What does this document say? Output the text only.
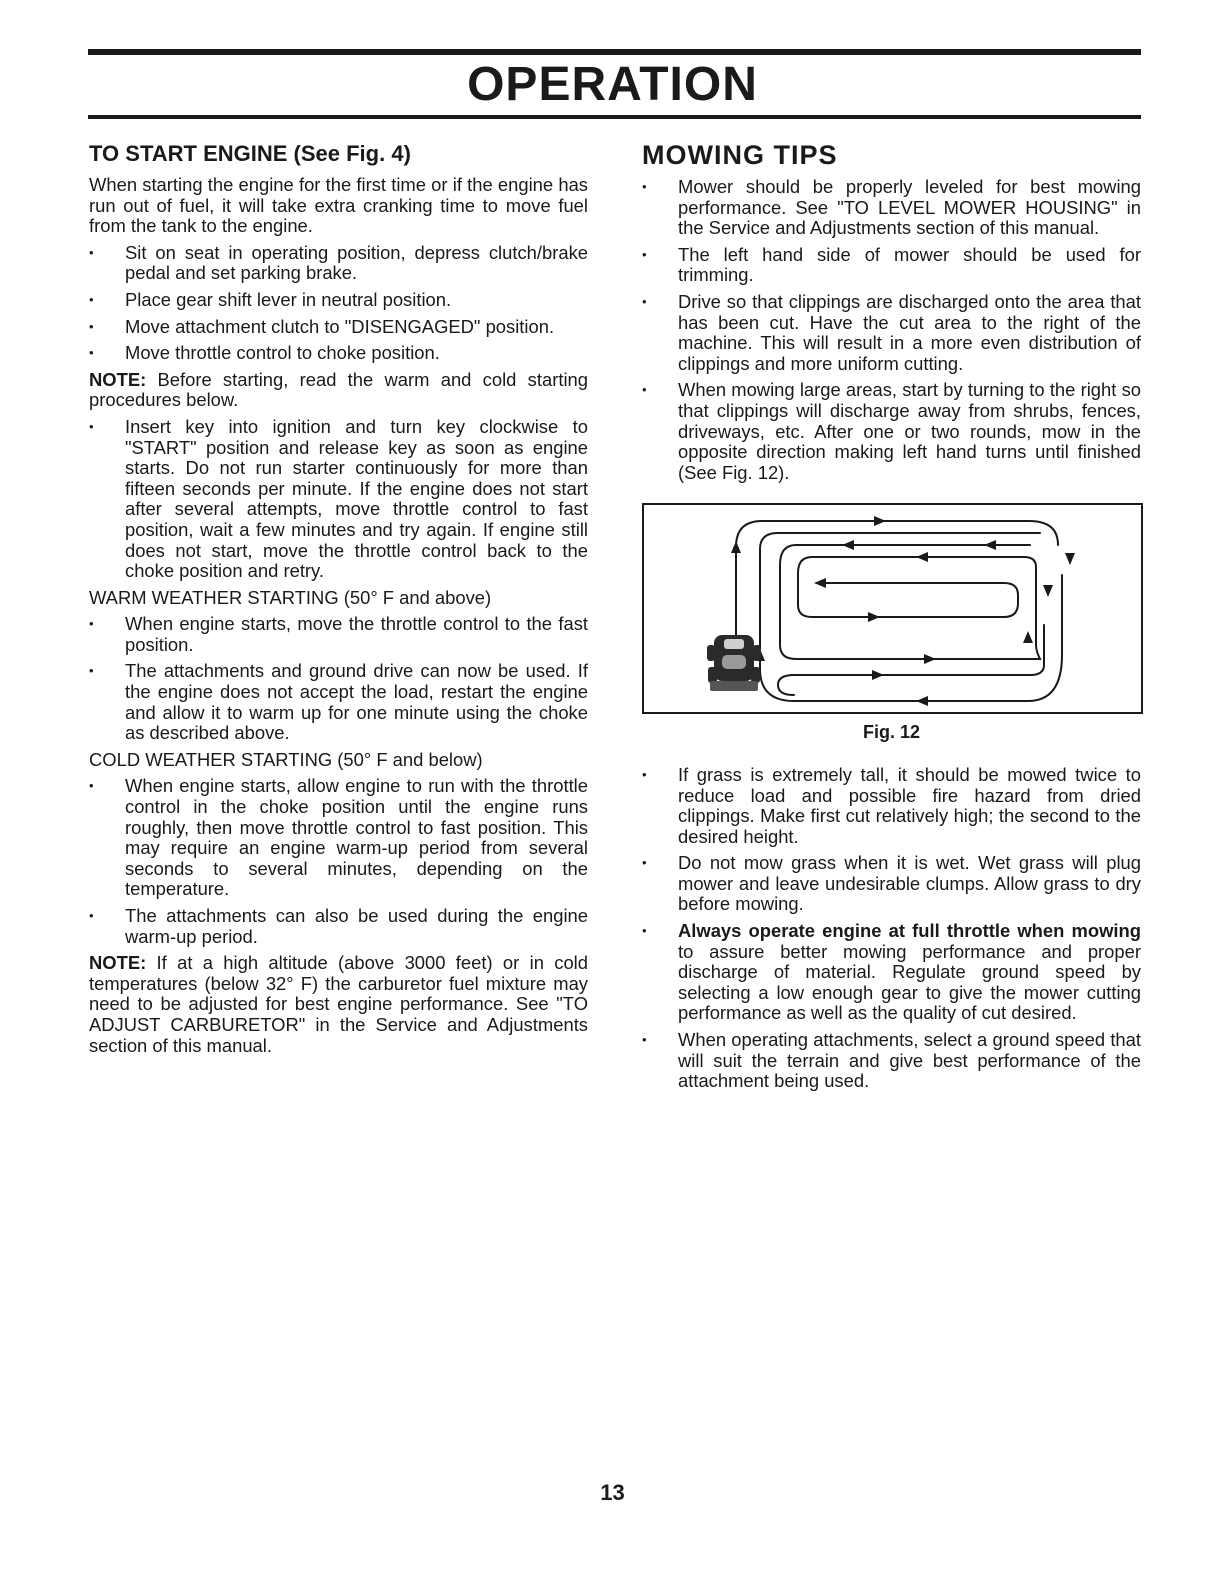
OPERATION
TO START ENGINE (See Fig. 4)

When starting the engine for the first time or if the engine has run out of fuel, it will take extra cranking time to move fuel from the tank to the engine.

• Sit on seat in operating position, depress clutch/brake pedal and set parking brake.
• Place gear shift lever in neutral position.
• Move attachment clutch to "DISENGAGED" position.
• Move throttle control to choke position.

NOTE: Before starting, read the warm and cold starting procedures below.

• Insert key into ignition and turn key clockwise to "START" position and release key as soon as engine starts. Do not run starter continuously for more than fifteen seconds per minute. If the engine does not start after several attempts, move throttle control to fast position, wait a few minutes and try again. If engine still does not start, move the throttle control back to the choke position and retry.

WARM WEATHER STARTING (50° F and above)

• When engine starts, move the throttle control to the fast position.
• The attachments and ground drive can now be used. If the engine does not accept the load, restart the engine and allow it to warm up for one minute using the choke as described above.

COLD WEATHER STARTING (50° F and below)

• When engine starts, allow engine to run with the throttle control in the choke position until the engine runs roughly, then move throttle control to fast position. This may require an engine warm-up period from several seconds to several minutes, depending on the temperature.
• The attachments can also be used during the engine warm-up period.

NOTE: If at a high altitude (above 3000 feet) or in cold temperatures (below 32° F) the carburetor fuel mixture may need to be adjusted for best engine performance. See "TO ADJUST CARBURETOR" in the Service and Adjustments section of this manual.

MOWING TIPS
• Mower should be properly leveled for best mowing performance. See "TO LEVEL MOWER HOUSING" in the Service and Adjustments section of this manual.
• The left hand side of mower should be used for trimming.
• Drive so that clippings are discharged onto the area that has been cut. Have the cut area to the right of the machine. This will result in a more even distribution of clippings and more uniform cutting.
• When mowing large areas, start by turning to the right so that clippings will discharge away from shrubs, fences, driveways, etc. After one or two rounds, mow in the opposite direction making left hand turns until finished (See Fig. 12).
Fig. 12
• If grass is extremely tall, it should be mowed twice to reduce load and possible fire hazard from dried clippings. Make first cut relatively high; the second to the desired height.
• Do not mow grass when it is wet. Wet grass will plug mower and leave undesirable clumps. Allow grass to dry before mowing.
• Always operate engine at full throttle when mowing to assure better mowing performance and proper discharge of material. Regulate ground speed by selecting a low enough gear to give the mower cutting performance as well as the quality of cut desired.
• When operating attachments, select a ground speed that will suit the terrain and give best performance of the attachment being used.
13
